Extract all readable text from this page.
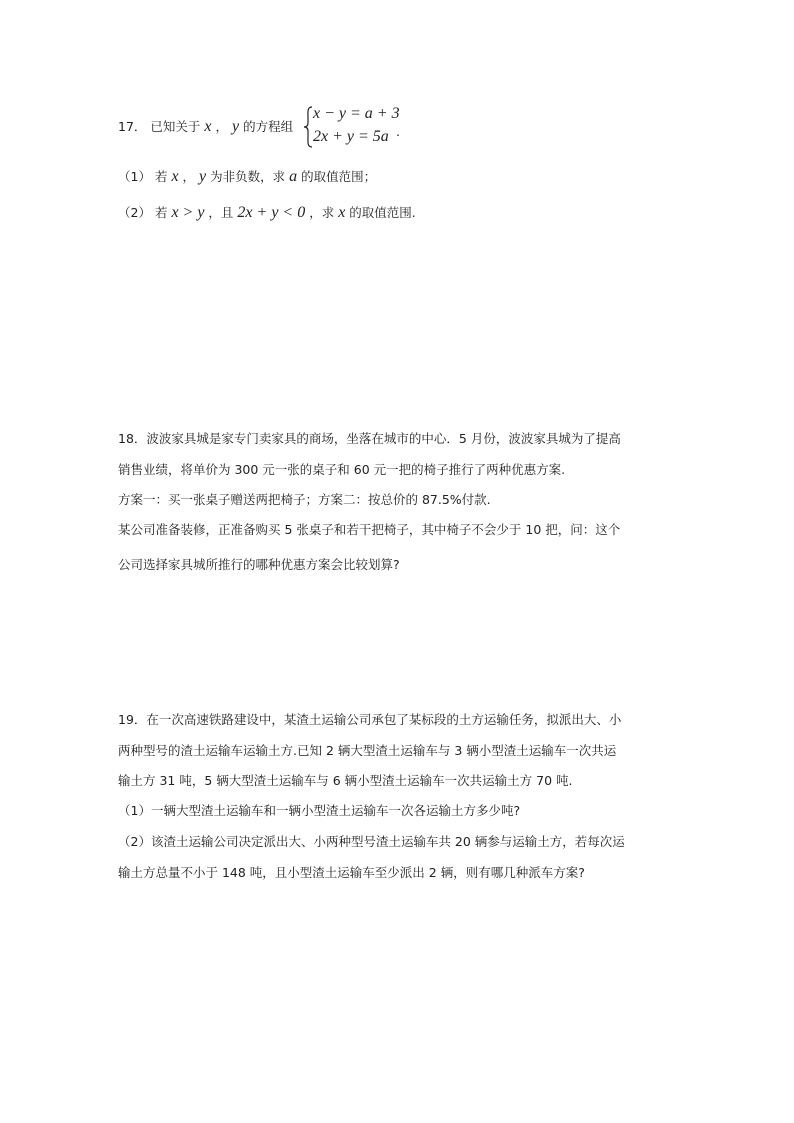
17． 已知关于 x ， y 的方程组
x − y = a + 3
2x + y = 5a .
（1） 若 x ， y 为非负数，求 a 的取值范围；
（2） 若 x > y ，且 2x + y < 0 ，求 x 的取值范围.
18．波波家具城是家专门卖家具的商场，坐落在城市的中心．5 月份，波波家具城为了提高
销售业绩，将单价为 300 元一张的桌子和 60 元一把的椅子推行了两种优惠方案.
方案一：买一张桌子赠送两把椅子；方案二：按总价的 87.5%付款.
某公司准备装修，正准备购买 5 张桌子和若干把椅子，其中椅子不会少于 10 把，问：这个
公司选择家具城所推行的哪种优惠方案会比较划算?
19．在一次高速铁路建设中，某渣土运输公司承包了某标段的土方运输任务，拟派出大、小
两种型号的渣土运输车运输土方.已知 2 辆大型渣土运输车与 3 辆小型渣土运输车一次共运
输土方 31 吨，5 辆大型渣土运输车与 6 辆小型渣土运输车一次共运输土方 70 吨.
（1）一辆大型渣土运输车和一辆小型渣土运输车一次各运输土方多少吨?
（2）该渣土运输公司决定派出大、小两种型号渣土运输车共 20 辆参与运输土方，若每次运
输土方总量不小于 148 吨，且小型渣土运输车至少派出 2 辆，则有哪几种派车方案?
